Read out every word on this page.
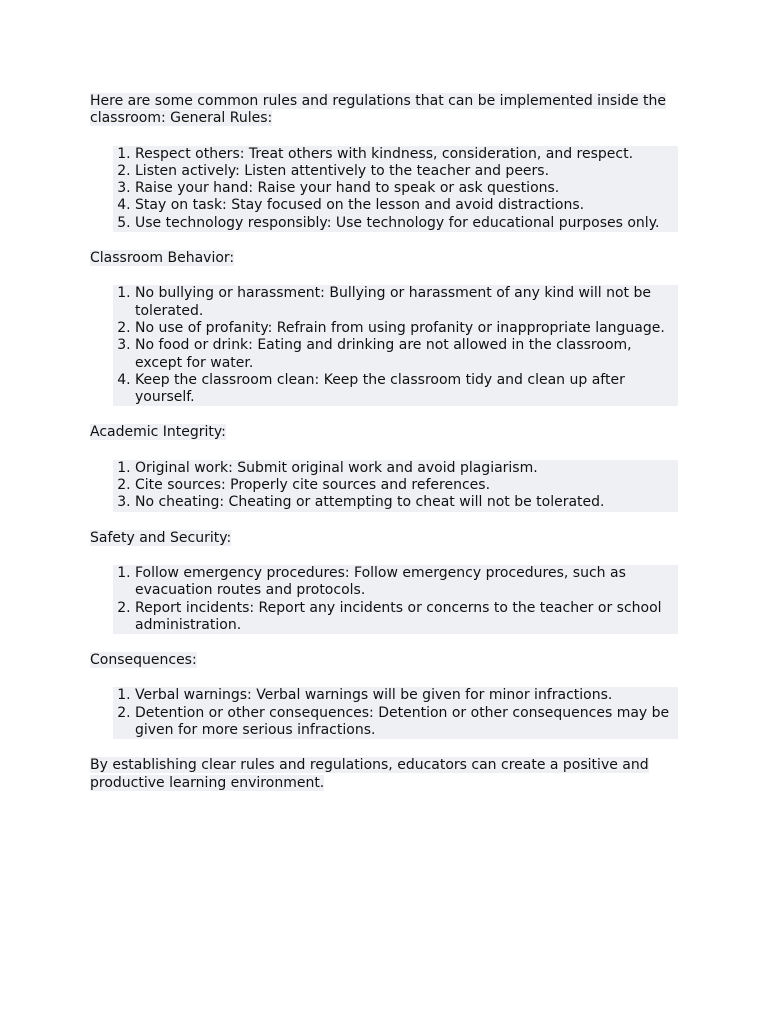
Here are some common rules and regulations that can be implemented inside the classroom: General Rules:

1. Respect others: Treat others with kindness, consideration, and respect.
2. Listen actively: Listen attentively to the teacher and peers.
3. Raise your hand: Raise your hand to speak or ask questions.
4. Stay on task: Stay focused on the lesson and avoid distractions.
5. Use technology responsibly: Use technology for educational purposes only.

Classroom Behavior:

1. No bullying or harassment: Bullying or harassment of any kind will not be tolerated.
2. No use of profanity: Refrain from using profanity or inappropriate language.
3. No food or drink: Eating and drinking are not allowed in the classroom, except for water.
4. Keep the classroom clean: Keep the classroom tidy and clean up after yourself.

Academic Integrity:

1. Original work: Submit original work and avoid plagiarism.
2. Cite sources: Properly cite sources and references.
3. No cheating: Cheating or attempting to cheat will not be tolerated.

Safety and Security:

1. Follow emergency procedures: Follow emergency procedures, such as evacuation routes and protocols.
2. Report incidents: Report any incidents or concerns to the teacher or school administration.

Consequences:

1. Verbal warnings: Verbal warnings will be given for minor infractions.
2. Detention or other consequences: Detention or other consequences may be given for more serious infractions.

By establishing clear rules and regulations, educators can create a positive and productive learning environment.
